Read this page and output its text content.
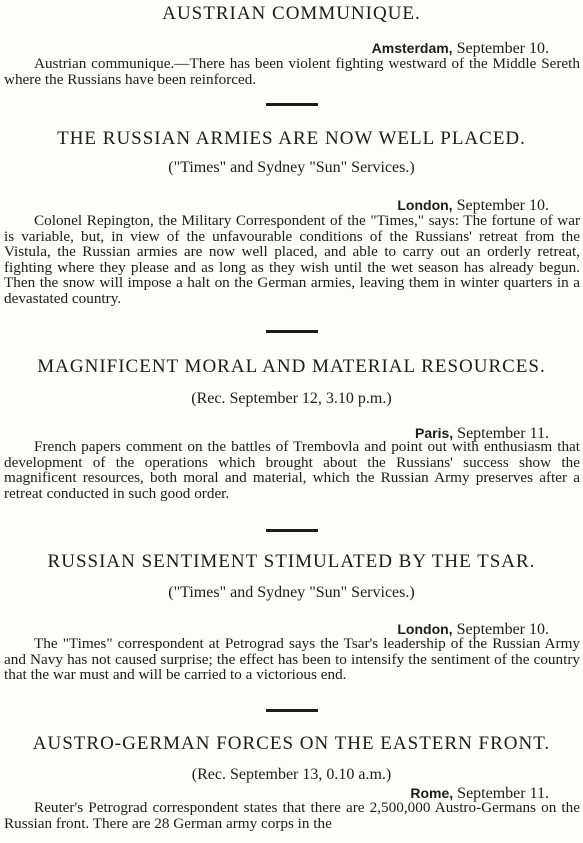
AUSTRIAN COMMUNIQUE.
Amsterdam, September 10.
Austrian communique.—There has been violent fighting westward of the Middle Sereth where the Russians have been reinforced.
THE RUSSIAN ARMIES ARE NOW WELL PLACED.
("Times" and Sydney "Sun" Services.)
London, September 10.
Colonel Repington, the Military Correspondent of the "Times," says: The fortune of war is variable, but, in view of the unfavourable conditions of the Russians' retreat from the Vistula, the Russian armies are now well placed, and able to carry out an orderly retreat, fighting where they please and as long as they wish until the wet season has already begun. Then the snow will impose a halt on the German armies, leaving them in winter quarters in a devastated country.
MAGNIFICENT MORAL AND MATERIAL RESOURCES.
(Rec. September 12, 3.10 p.m.)
Paris, September 11.
French papers comment on the battles of Trembovla and point out with enthusiasm that development of the operations which brought about the Russians' success show the magnificent resources, both moral and material, which the Russian Army preserves after a retreat conducted in such good order.
RUSSIAN SENTIMENT STIMULATED BY THE TSAR.
("Times" and Sydney "Sun" Services.)
London, September 10.
The "Times" correspondent at Petrograd says the Tsar's leadership of the Russian Army and Navy has not caused surprise; the effect has been to intensify the sentiment of the country that the war must and will be carried to a victorious end.
AUSTRO-GERMAN FORCES ON THE EASTERN FRONT.
(Rec. September 13, 0.10 a.m.)
Rome, September 11.
Reuter's Petrograd correspondent states that there are 2,500,000 Austro-Germans on the Russian front. There are 28 German army corps in the
